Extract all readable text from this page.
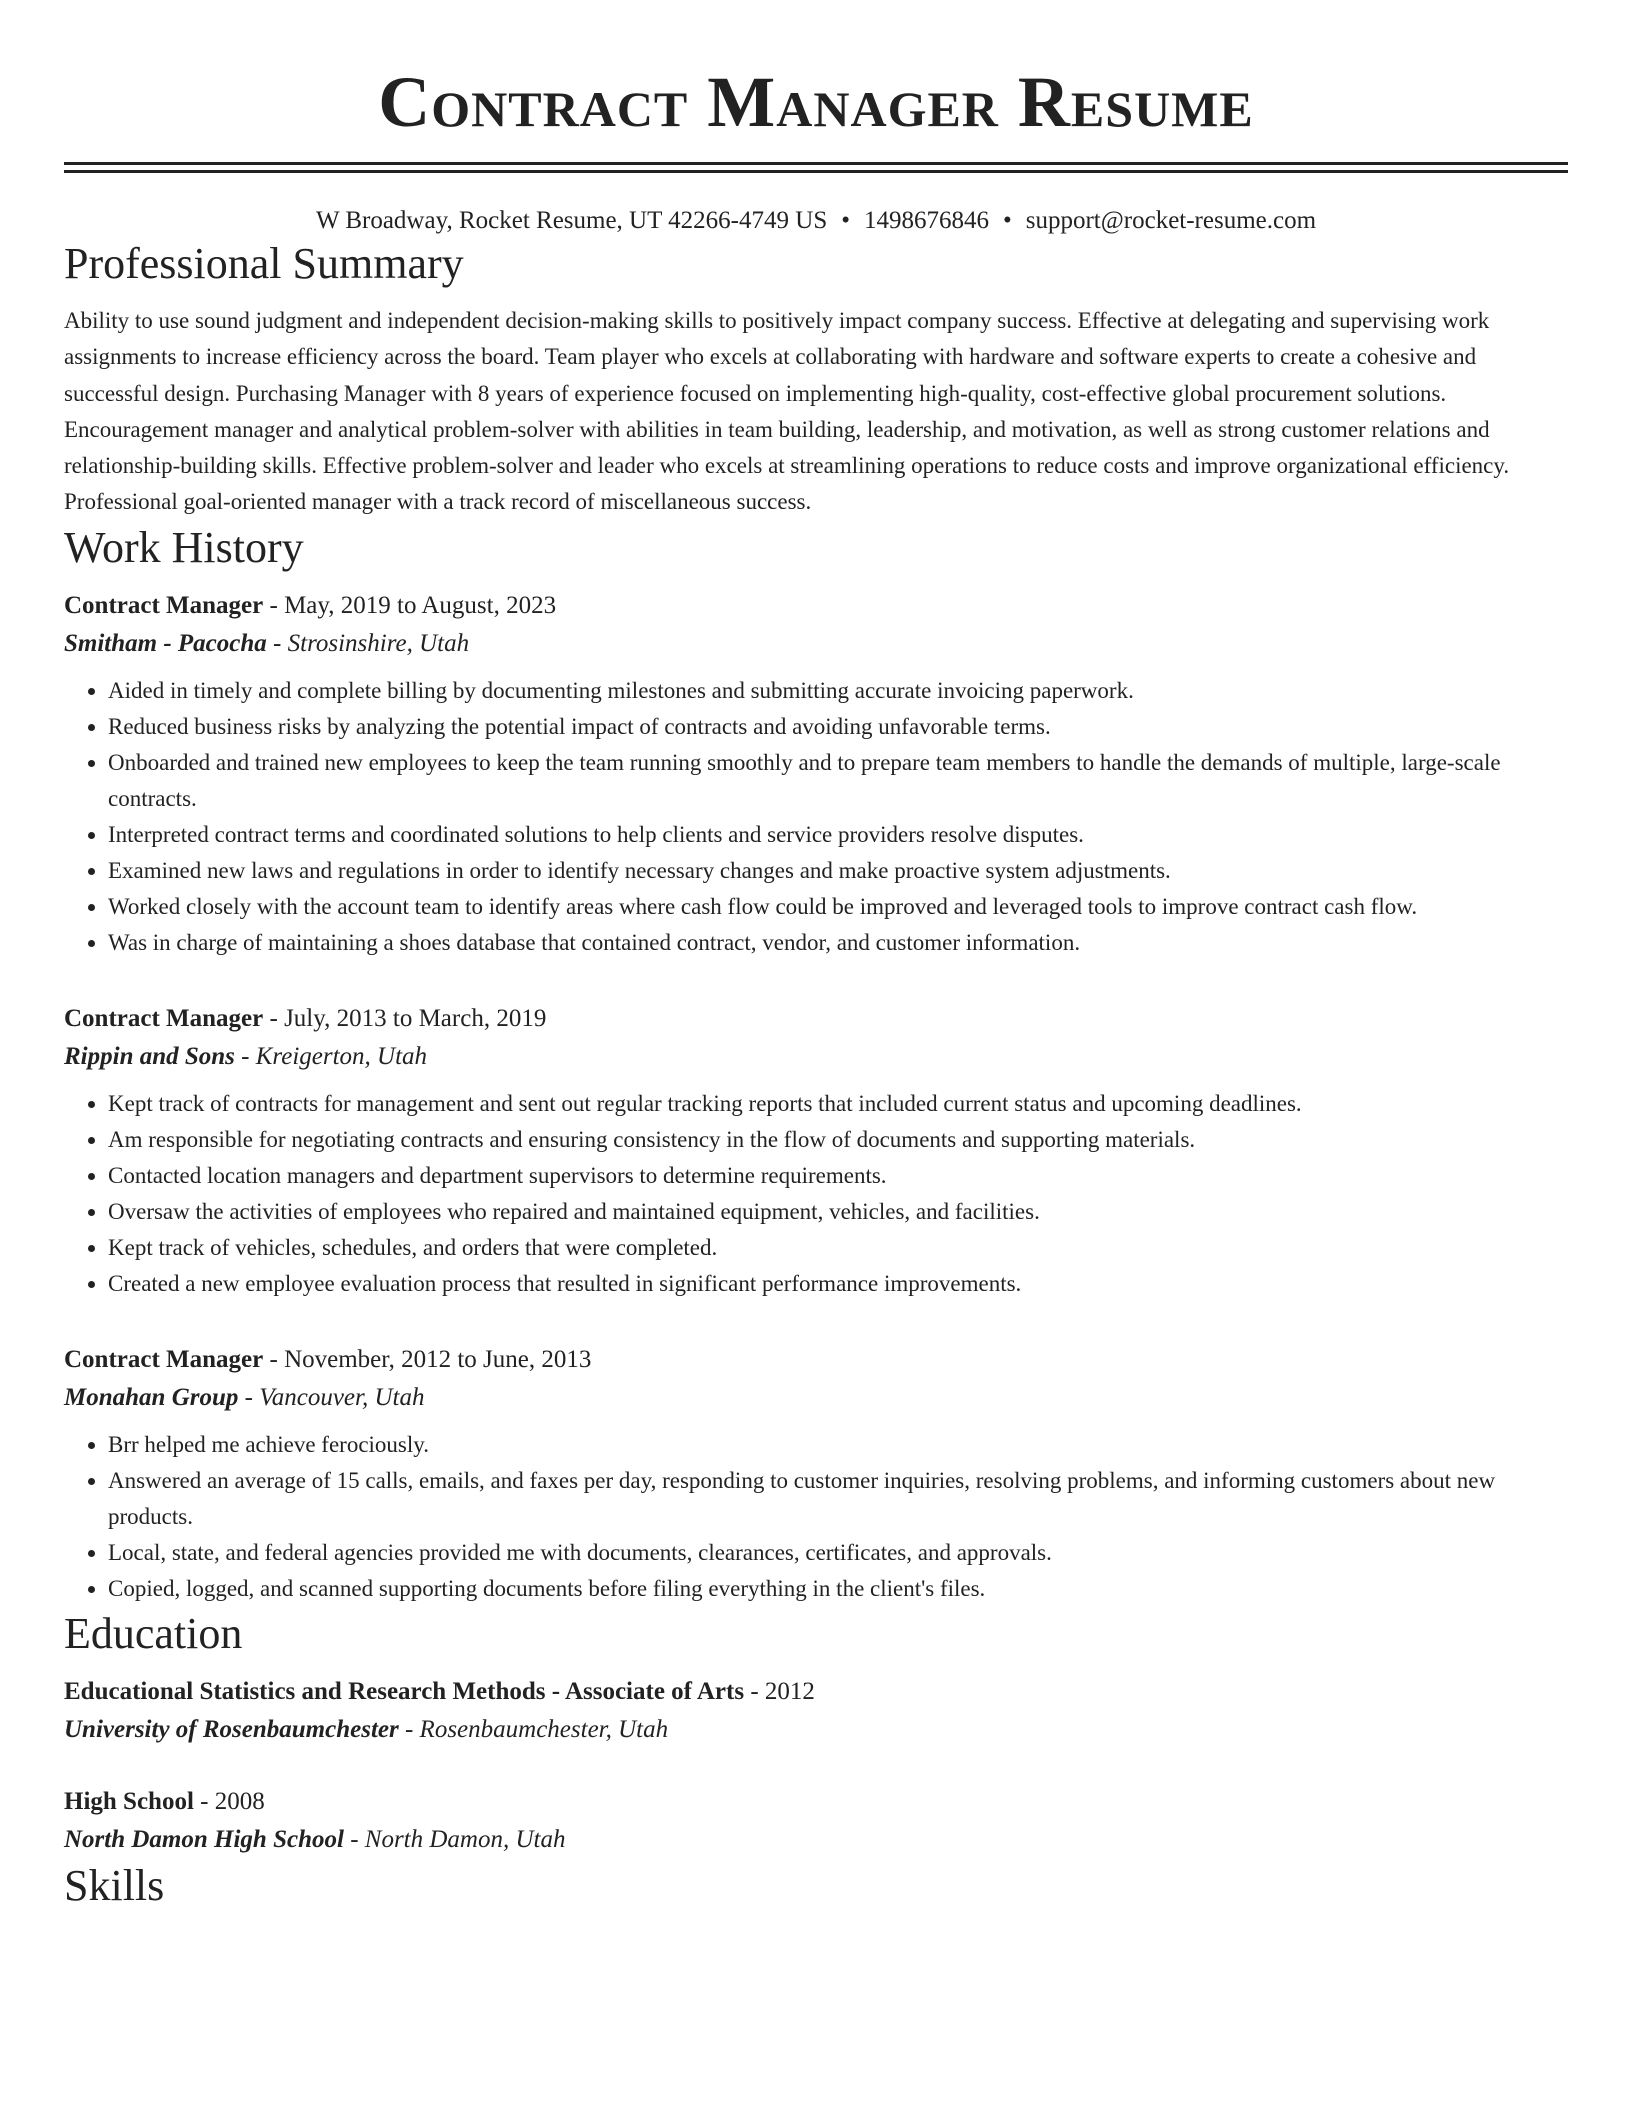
Contract Manager Resume
W Broadway, Rocket Resume, UT 42266-4749 US • 1498676846 • support@rocket-resume.com
Professional Summary
Ability to use sound judgment and independent decision-making skills to positively impact company success. Effective at delegating and supervising work assignments to increase efficiency across the board. Team player who excels at collaborating with hardware and software experts to create a cohesive and successful design. Purchasing Manager with 8 years of experience focused on implementing high-quality, cost-effective global procurement solutions. Encouragement manager and analytical problem-solver with abilities in team building, leadership, and motivation, as well as strong customer relations and relationship-building skills. Effective problem-solver and leader who excels at streamlining operations to reduce costs and improve organizational efficiency. Professional goal-oriented manager with a track record of miscellaneous success.
Work History
Contract Manager - May, 2019 to August, 2023
Smitham - Pacocha - Strosinshire, Utah
• Aided in timely and complete billing by documenting milestones and submitting accurate invoicing paperwork.
• Reduced business risks by analyzing the potential impact of contracts and avoiding unfavorable terms.
• Onboarded and trained new employees to keep the team running smoothly and to prepare team members to handle the demands of multiple, large-scale contracts.
• Interpreted contract terms and coordinated solutions to help clients and service providers resolve disputes.
• Examined new laws and regulations in order to identify necessary changes and make proactive system adjustments.
• Worked closely with the account team to identify areas where cash flow could be improved and leveraged tools to improve contract cash flow.
• Was in charge of maintaining a shoes database that contained contract, vendor, and customer information.
Contract Manager - July, 2013 to March, 2019
Rippin and Sons - Kreigerton, Utah
• Kept track of contracts for management and sent out regular tracking reports that included current status and upcoming deadlines.
• Am responsible for negotiating contracts and ensuring consistency in the flow of documents and supporting materials.
• Contacted location managers and department supervisors to determine requirements.
• Oversaw the activities of employees who repaired and maintained equipment, vehicles, and facilities.
• Kept track of vehicles, schedules, and orders that were completed.
• Created a new employee evaluation process that resulted in significant performance improvements.
Contract Manager - November, 2012 to June, 2013
Monahan Group - Vancouver, Utah
• Brr helped me achieve ferociously.
• Answered an average of 15 calls, emails, and faxes per day, responding to customer inquiries, resolving problems, and informing customers about new products.
• Local, state, and federal agencies provided me with documents, clearances, certificates, and approvals.
• Copied, logged, and scanned supporting documents before filing everything in the client's files.
Education
Educational Statistics and Research Methods - Associate of Arts - 2012
University of Rosenbaumchester - Rosenbaumchester, Utah
High School - 2008
North Damon High School - North Damon, Utah
Skills
